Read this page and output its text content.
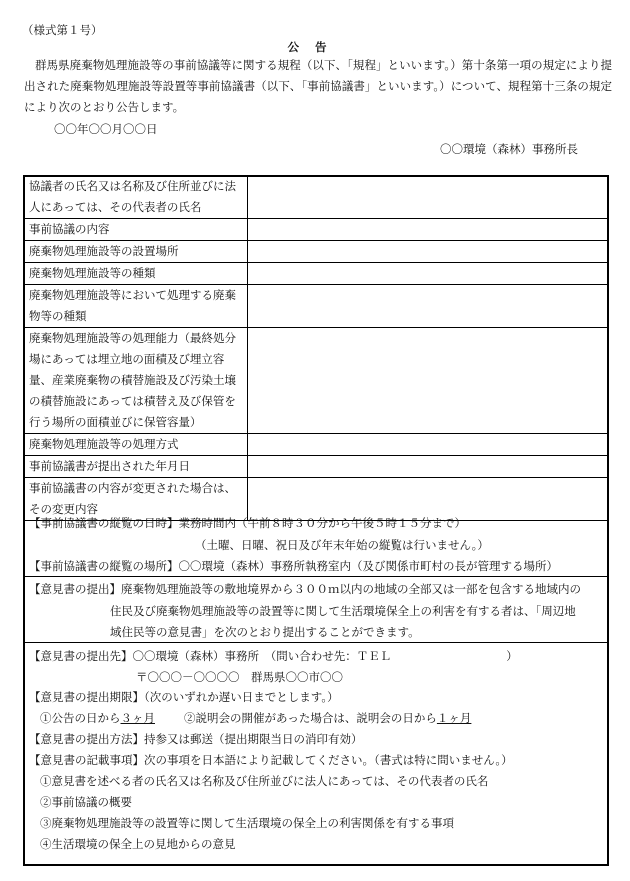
（様式第１号）
公告
群馬県廃棄物処理施設等の事前協議等に関する規程（以下、「規程」といいます。）第十条第一項の規定により提出された廃棄物処理施設等設置等事前協議書（以下、「事前協議書」といいます。）について、規程第十三条の規定により次のとおり公告します。
〇〇年〇〇月〇〇日
〇〇環境（森林）事務所長
協議者の氏名又は名称及び住所並びに法人にあっては、その代表者の氏名	
事前協議の内容	
廃棄物処理施設等の設置場所	
廃棄物処理施設等の種類	
廃棄物処理施設等において処理する廃棄物等の種類	
廃棄物処理施設等の処理能力（最終処分場にあっては埋立地の面積及び埋立容量、産業廃棄物の積替施設及び汚染土壌の積替施設にあっては積替え及び保管を行う場所の面積並びに保管容量）	
廃棄物処理施設等の処理方式	
事前協議書が提出された年月日	
事前協議書の内容が変更された場合は、その変更内容	
【事前協議書の縦覧の日時】業務時間内（午前８時３０分から午後５時１５分まで）
（土曜、日曜、祝日及び年末年始の縦覧は行いません。）
【事前協議書の縦覧の場所】〇〇環境（森林）事務所執務室内（及び関係市町村の長が管理する場所）
【意見書の提出】廃棄物処理施設等の敷地境界から３００ｍ以内の地域の全部又は一部を包含する地域内の
住民及び廃棄物処理施設等の設置等に関して生活環境保全上の利害を有する者は、「周辺地
域住民等の意見書」を次のとおり提出することができます。
【意見書の提出先】〇〇環境（森林）事務所　（問い合わせ先：ＴＥＬ　　　　　　　　　　）
〒〇〇〇－〇〇〇〇　群馬県〇〇市〇〇
【意見書の提出期限】（次のいずれか遅い日までとします。）
①公告の日から３ヶ月	②説明会の開催があった場合は、説明会の日から１ヶ月
【意見書の提出方法】持参又は郵送（提出期限当日の消印有効）
【意見書の記載事項】次の事項を日本語により記載してください。（書式は特に問いません。）
①意見書を述べる者の氏名又は名称及び住所並びに法人にあっては、その代表者の氏名
②事前協議の概要
③廃棄物処理施設等の設置等に関して生活環境の保全上の利害関係を有する事項
④生活環境の保全上の見地からの意見
